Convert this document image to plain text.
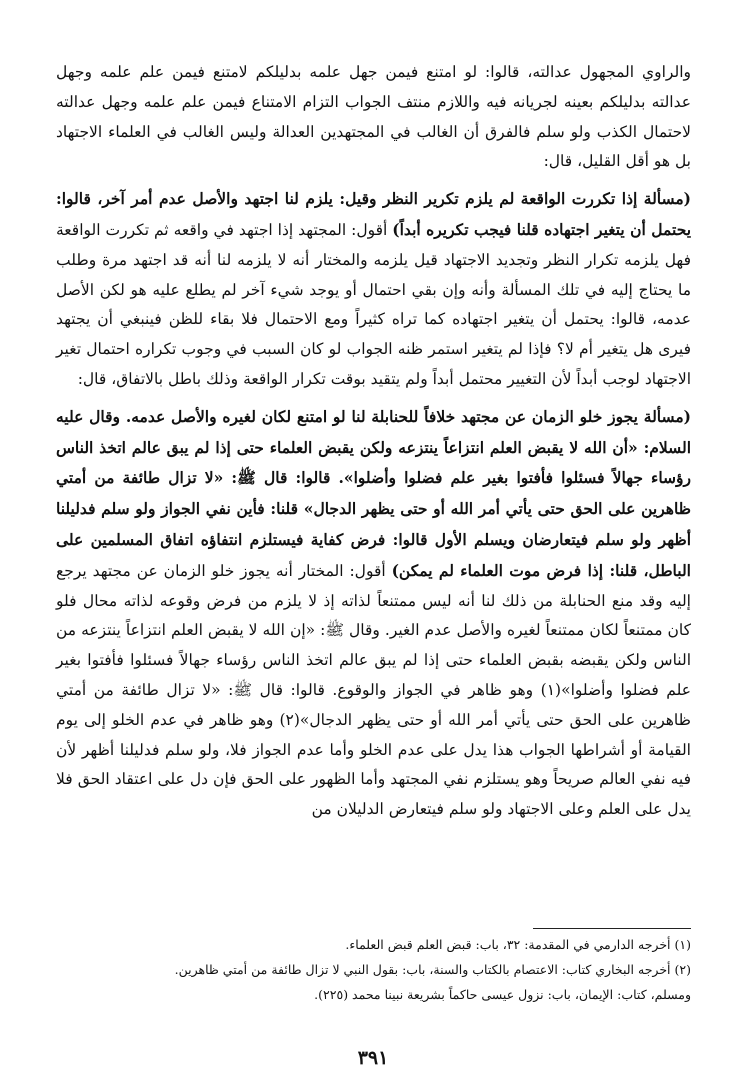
والراوي المجهول عدالته، قالوا: لو امتنع فيمن جهل علمه بدليلكم لامتنع فيمن علم علمه وجهل عدالته بدليلكم بعينه لجريانه فيه واللازم منتف الجواب التزام الامتناع فيمن علم علمه وجهل عدالته لاحتمال الكذب ولو سلم فالفرق أن الغالب في المجتهدين العدالة وليس الغالب في العلماء الاجتهاد بل هو أقل القليل، قال:

(مسألة إذا تكررت الواقعة لم يلزم تكرير النظر وقيل: يلزم لنا اجتهد والأصل عدم أمر آخر، قالوا: يحتمل أن يتغير اجتهاده قلنا فيجب تكريره أبداً) أقول: المجتهد إذا اجتهد في واقعه ثم تكررت الواقعة فهل يلزمه تكرار النظر وتجديد الاجتهاد قيل يلزمه والمختار أنه لا يلزمه لنا أنه قد اجتهد مرة وطلب ما يحتاج إليه في تلك المسألة وأنه وإن بقي احتمال أو يوجد شيء آخر لم يطلع عليه هو لكن الأصل عدمه، قالوا: يحتمل أن يتغير اجتهاده كما تراه كثيراً ومع الاحتمال فلا بقاء للظن فينبغي أن يجتهد فيرى هل يتغير أم لا؟ فإذا لم يتغير استمر ظنه الجواب لو كان السبب في وجوب تكراره احتمال تغير الاجتهاد لوجب أبداً لأن التغيير محتمل أبداً ولم يتقيد بوقت تكرار الواقعة وذلك باطل بالاتفاق، قال:

(مسألة يجوز خلو الزمان عن مجتهد خلافاً للحنابلة لنا لو امتنع لكان لغيره والأصل عدمه. وقال عليه السلام: «أن الله لا يقبض العلم انتزاعاً ينتزعه ولكن يقبض العلماء حتى إذا لم يبق عالم اتخذ الناس رؤساء جهالاً فسئلوا فأفتوا بغير علم فضلوا وأضلوا». قالوا: قال ﷺ: «لا تزال طائفة من أمتي ظاهرين على الحق حتى يأتي أمر الله أو حتى يظهر الدجال» قلنا: فأين نفي الجواز ولو سلم فدليلنا أظهر ولو سلم فيتعارضان ويسلم الأول قالوا: فرض كفاية فيستلزم انتفاؤه اتفاق المسلمين على الباطل، قلنا: إذا فرض موت العلماء لم يمكن) أقول: المختار أنه يجوز خلو الزمان عن مجتهد يرجع إليه وقد منع الحنابلة من ذلك لنا أنه ليس ممتنعاً لذاته إذ لا يلزم من فرض وقوعه لذاته محال فلو كان ممتنعاً لكان ممتنعاً لغيره والأصل عدم الغير. وقال ﷺ: «إن الله لا يقبض العلم انتزاعاً ينتزعه من الناس ولكن يقبضه بقبض العلماء حتى إذا لم يبق عالم اتخذ الناس رؤساء جهالاً فسئلوا فأفتوا بغير علم فضلوا وأضلوا»(١) وهو ظاهر في الجواز والوقوع. قالوا: قال ﷺ: «لا تزال طائفة من أمتي ظاهرين على الحق حتى يأتي أمر الله أو حتى يظهر الدجال»(٢) وهو ظاهر في عدم الخلو إلى يوم القيامة أو أشراطها الجواب هذا يدل على عدم الخلو وأما عدم الجواز فلا، ولو سلم فدليلنا أظهر لأن فيه نفي العالم صريحاً وهو يستلزم نفي المجتهد وأما الظهور على الحق فإن دل على اعتقاد الحق فلا يدل على العلم وعلى الاجتهاد ولو سلم فيتعارض الدليلان من

(١) أخرجه الدارمي في المقدمة: ٣٢، باب: قبض العلم قبض العلماء.

(٢) أخرجه البخاري كتاب: الاعتصام بالكتاب والسنة، باب: بقول النبي لا تزال طائفة من أمتي ظاهرين.

ومسلم، كتاب: الإيمان، باب: نزول عيسى حاكماً بشريعة نبينا محمد (٢٢٥).

٣٩١
